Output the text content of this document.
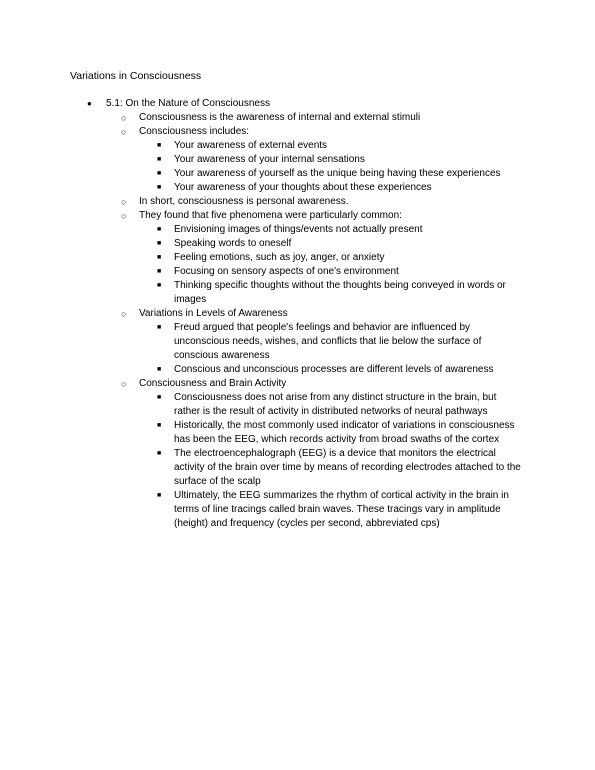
Variations in Consciousness
● 5.1: On the Nature of Consciousness
○ Consciousness is the awareness of internal and external stimuli
○ Consciousness includes:
■ Your awareness of external events
■ Your awareness of your internal sensations
■ Your awareness of yourself as the unique being having these experiences
■ Your awareness of your thoughts about these experiences
○ In short, consciousness is personal awareness.
○ They found that five phenomena were particularly common:
■ Envisioning images of things/events not actually present
■ Speaking words to oneself
■ Feeling emotions, such as joy, anger, or anxiety
■ Focusing on sensory aspects of one's environment
■ Thinking specific thoughts without the thoughts being conveyed in words or images
○ Variations in Levels of Awareness
■ Freud argued that people's feelings and behavior are influenced by unconscious needs, wishes, and conflicts that lie below the surface of conscious awareness
■ Conscious and unconscious processes are different levels of awareness
○ Consciousness and Brain Activity
■ Consciousness does not arise from any distinct structure in the brain, but rather is the result of activity in distributed networks of neural pathways
■ Historically, the most commonly used indicator of variations in consciousness has been the EEG, which records activity from broad swaths of the cortex
■ The electroencephalograph (EEG) is a device that monitors the electrical activity of the brain over time by means of recording electrodes attached to the surface of the scalp
■ Ultimately, the EEG summarizes the rhythm of cortical activity in the brain in terms of line tracings called brain waves. These tracings vary in amplitude (height) and frequency (cycles per second, abbreviated cps)
